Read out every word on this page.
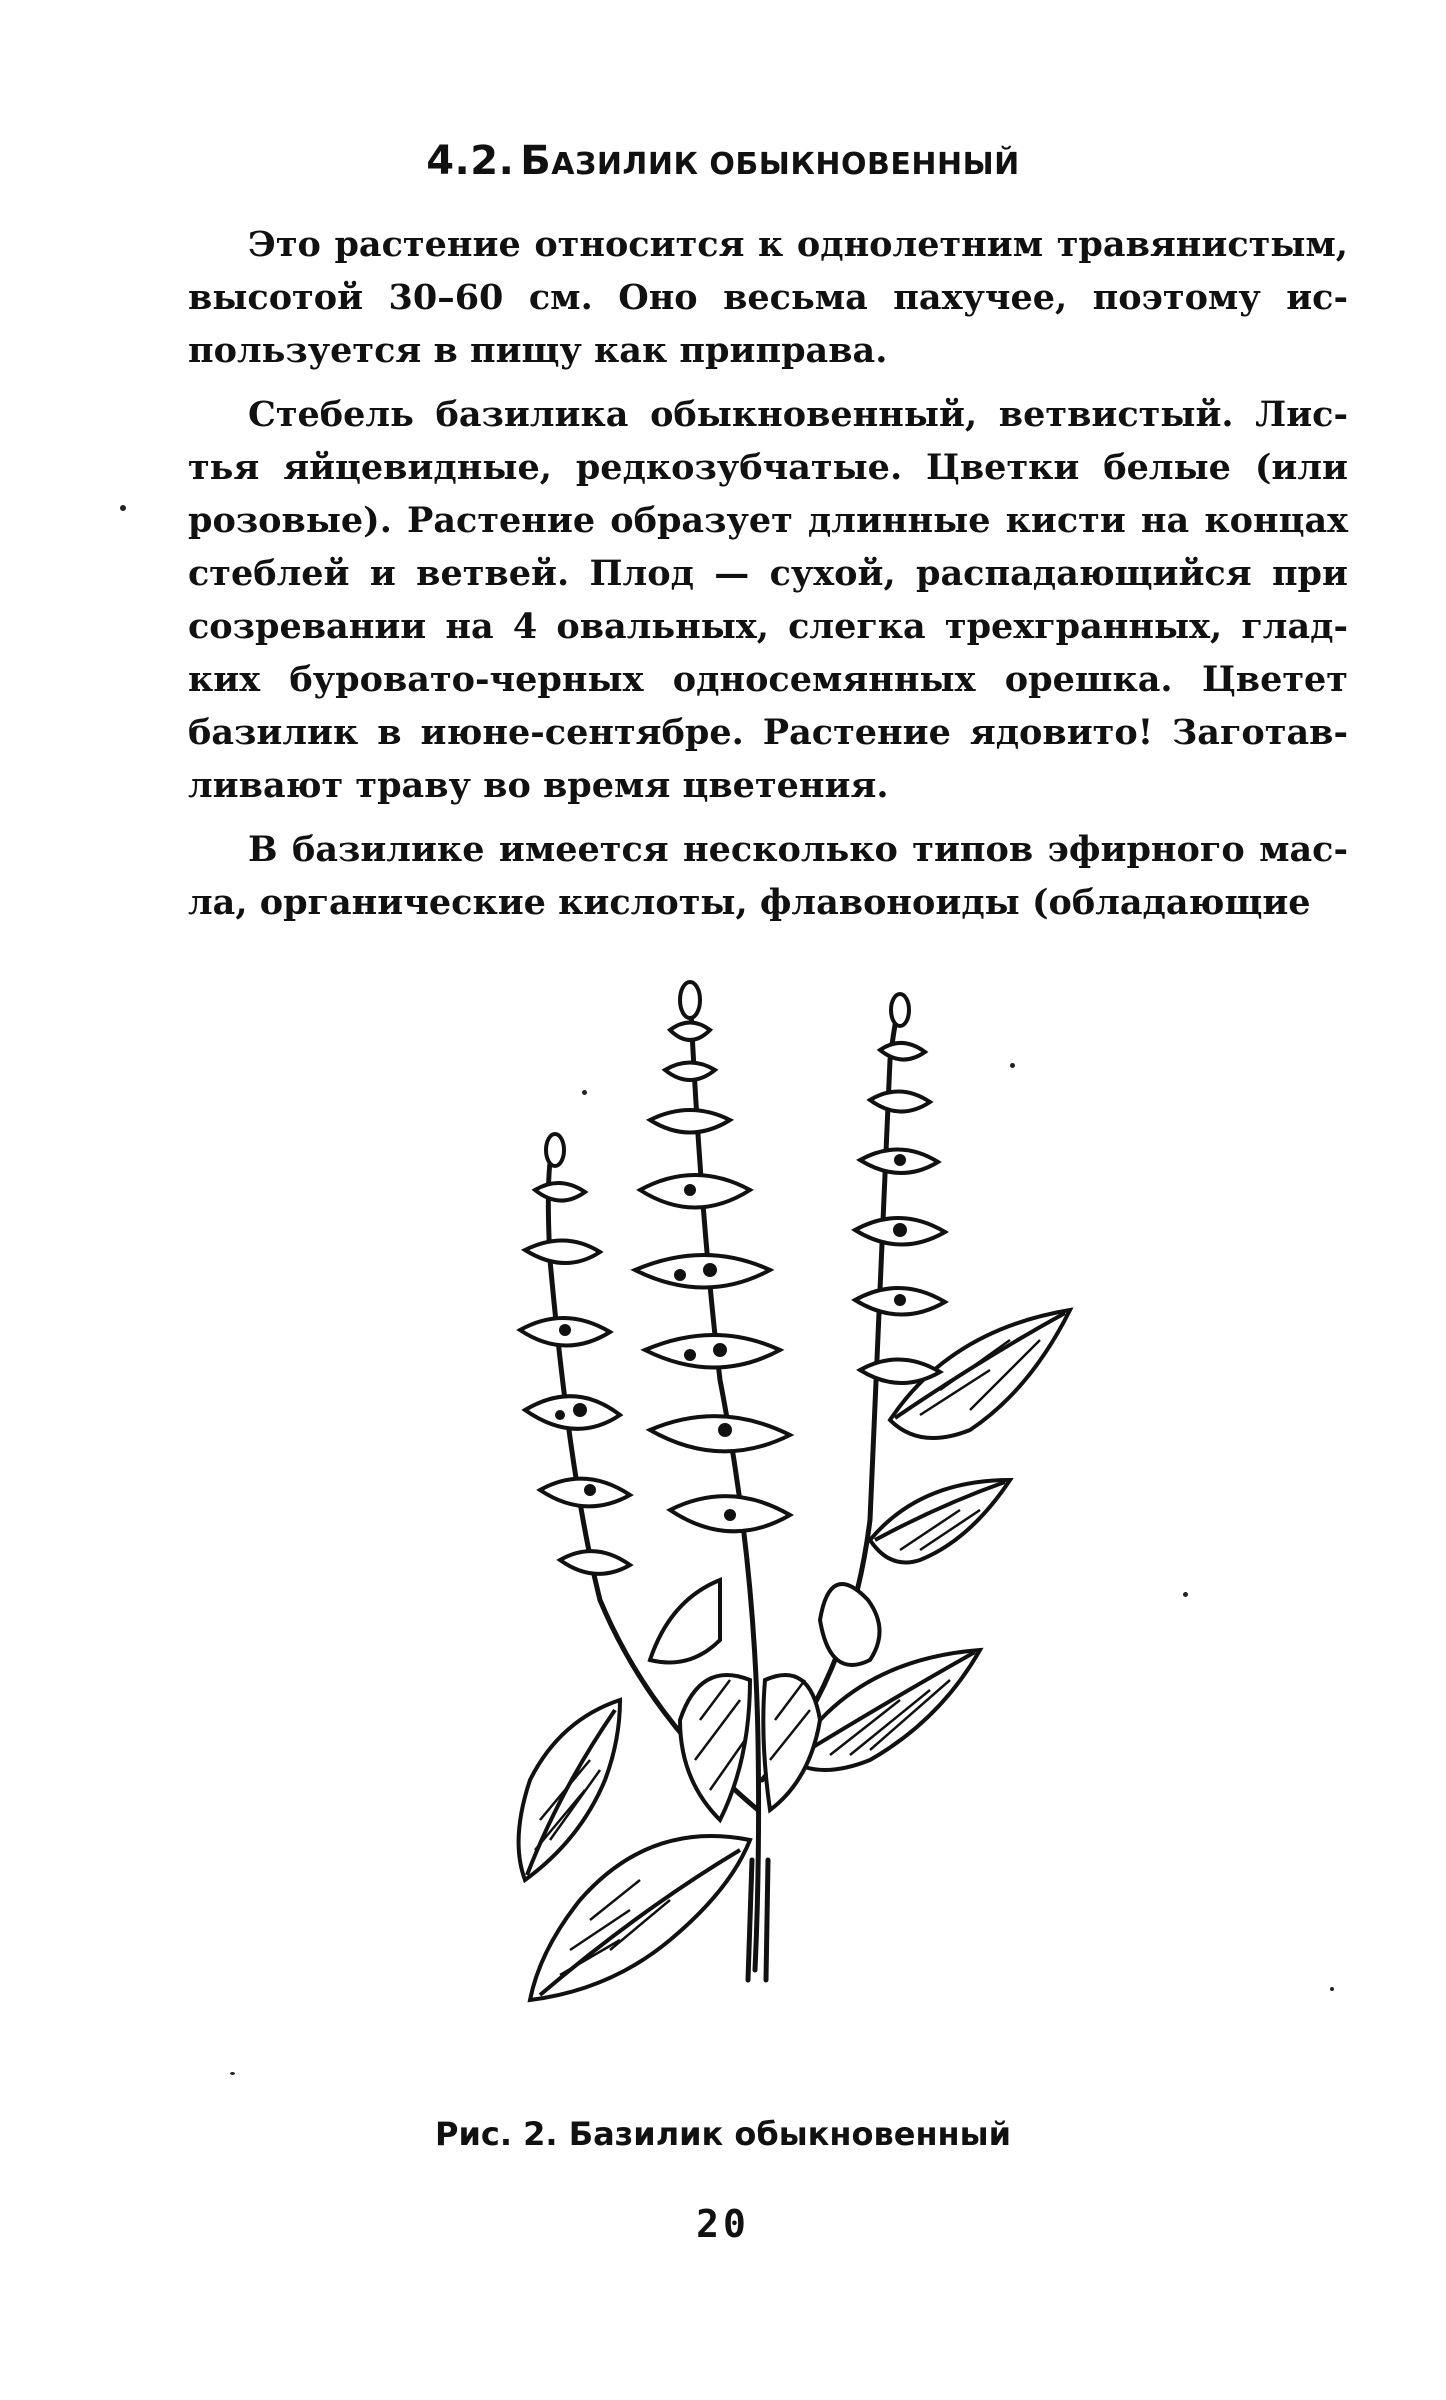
4.2. БАЗИЛИК ОБЫКНОВЕННЫЙ

Это растение относится к однолетним травянистым, высотой 30–60 см. Оно весьма пахучее, поэтому используется в пищу как приправа.

Стебель базилика обыкновенный, ветвистый. Листья яйцевидные, редкозубчатые. Цветки белые (или розовые). Растение образует длинные кисти на концах стеблей и ветвей. Плод — сухой, распадающийся при созревании на 4 овальных, слегка трехгранных, гладких буровато-черных односемянных орешка. Цветет базилик в июне-сентябре. Растение ядовито! Заготавливают траву во время цветения.

В базилике имеется несколько типов эфирного масла, органические кислоты, флавоноиды (обладающие

Рис. 2. Базилик обыкновенный
20
